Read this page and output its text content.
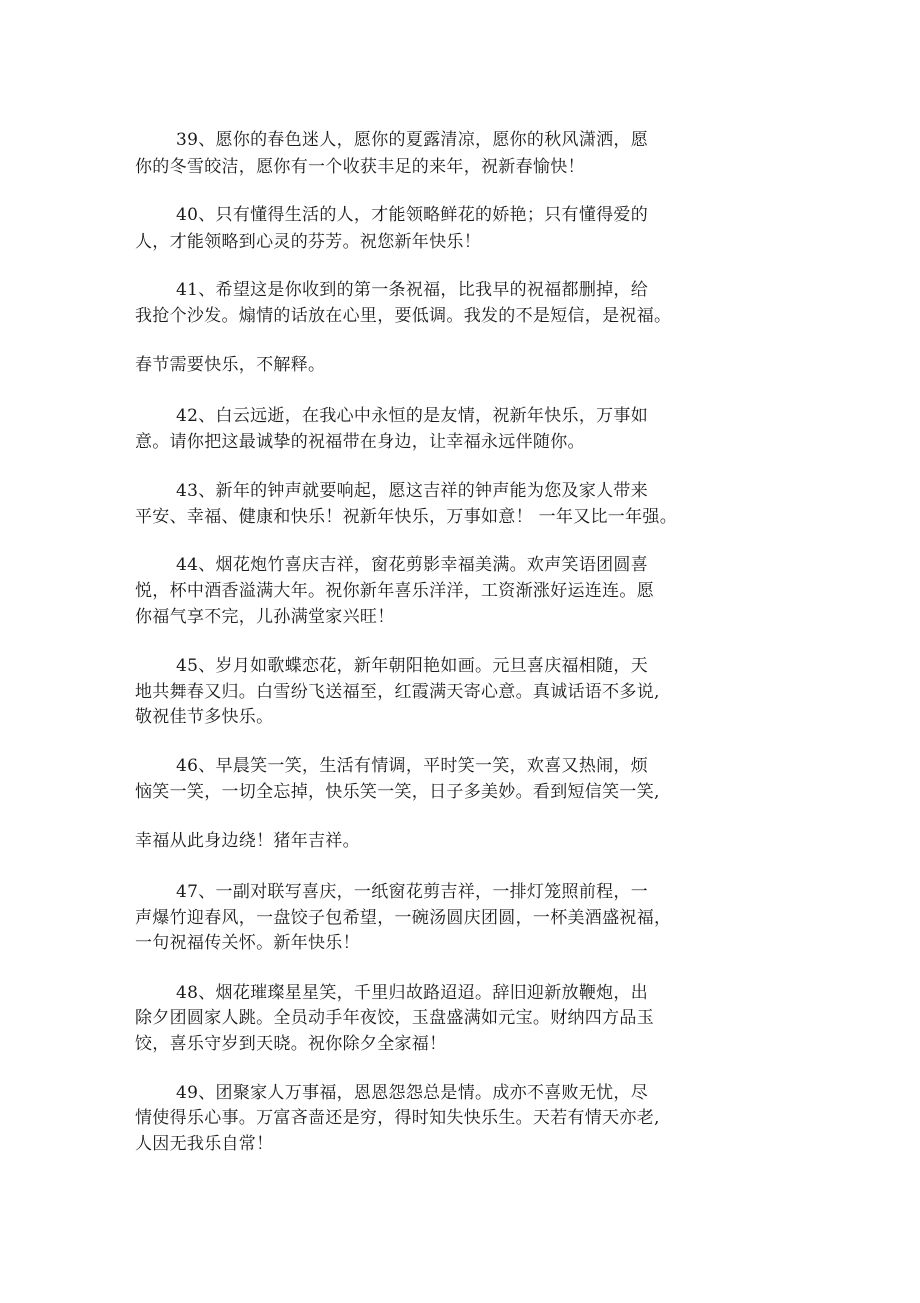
39、愿你的春色迷人，愿你的夏露清凉，愿你的秋风潇洒，愿
你的冬雪皎洁，愿你有一个收获丰足的来年，祝新春愉快！
40、只有懂得生活的人，才能领略鲜花的娇艳；只有懂得爱的
人，才能领略到心灵的芬芳。祝您新年快乐！
41、希望这是你收到的第一条祝福，比我早的祝福都删掉，给
我抢个沙发。煽情的话放在心里，要低调。我发的不是短信，是祝福。
春节需要快乐，不解释。
42、白云远逝，在我心中永恒的是友情，祝新年快乐，万事如
意。请你把这最诚挚的祝福带在身边，让幸福永远伴随你。
43、新年的钟声就要响起，愿这吉祥的钟声能为您及家人带来
平安、幸福、健康和快乐！祝新年快乐，万事如意！ 一年又比一年强。
44、烟花炮竹喜庆吉祥，窗花剪影幸福美满。欢声笑语团圆喜
悦，杯中酒香溢满大年。祝你新年喜乐洋洋，工资渐涨好运连连。愿
你福气享不完，儿孙满堂家兴旺！
45、岁月如歌蝶恋花，新年朝阳艳如画。元旦喜庆福相随，天
地共舞春又归。白雪纷飞送福至，红霞满天寄心意。真诚话语不多说,
敬祝佳节多快乐。
46、早晨笑一笑，生活有情调，平时笑一笑，欢喜又热闹，烦
恼笑一笑，一切全忘掉，快乐笑一笑，日子多美妙。看到短信笑一笑,
幸福从此身边绕！猪年吉祥。
47、一副对联写喜庆，一纸窗花剪吉祥，一排灯笼照前程，一
声爆竹迎春风，一盘饺子包希望，一碗汤圆庆团圆，一杯美酒盛祝福，
一句祝福传关怀。新年快乐！
48、烟花璀璨星星笑，千里归故路迢迢。辞旧迎新放鞭炮，出
除夕团圆家人跳。全员动手年夜饺，玉盘盛满如元宝。财纳四方品玉
饺，喜乐守岁到天晓。祝你除夕全家福！
49、团聚家人万事福，恩恩怨怨总是情。成亦不喜败无忧，尽
情使得乐心事。万富吝啬还是穷，得时知失快乐生。天若有情天亦老,
人因无我乐自常！
